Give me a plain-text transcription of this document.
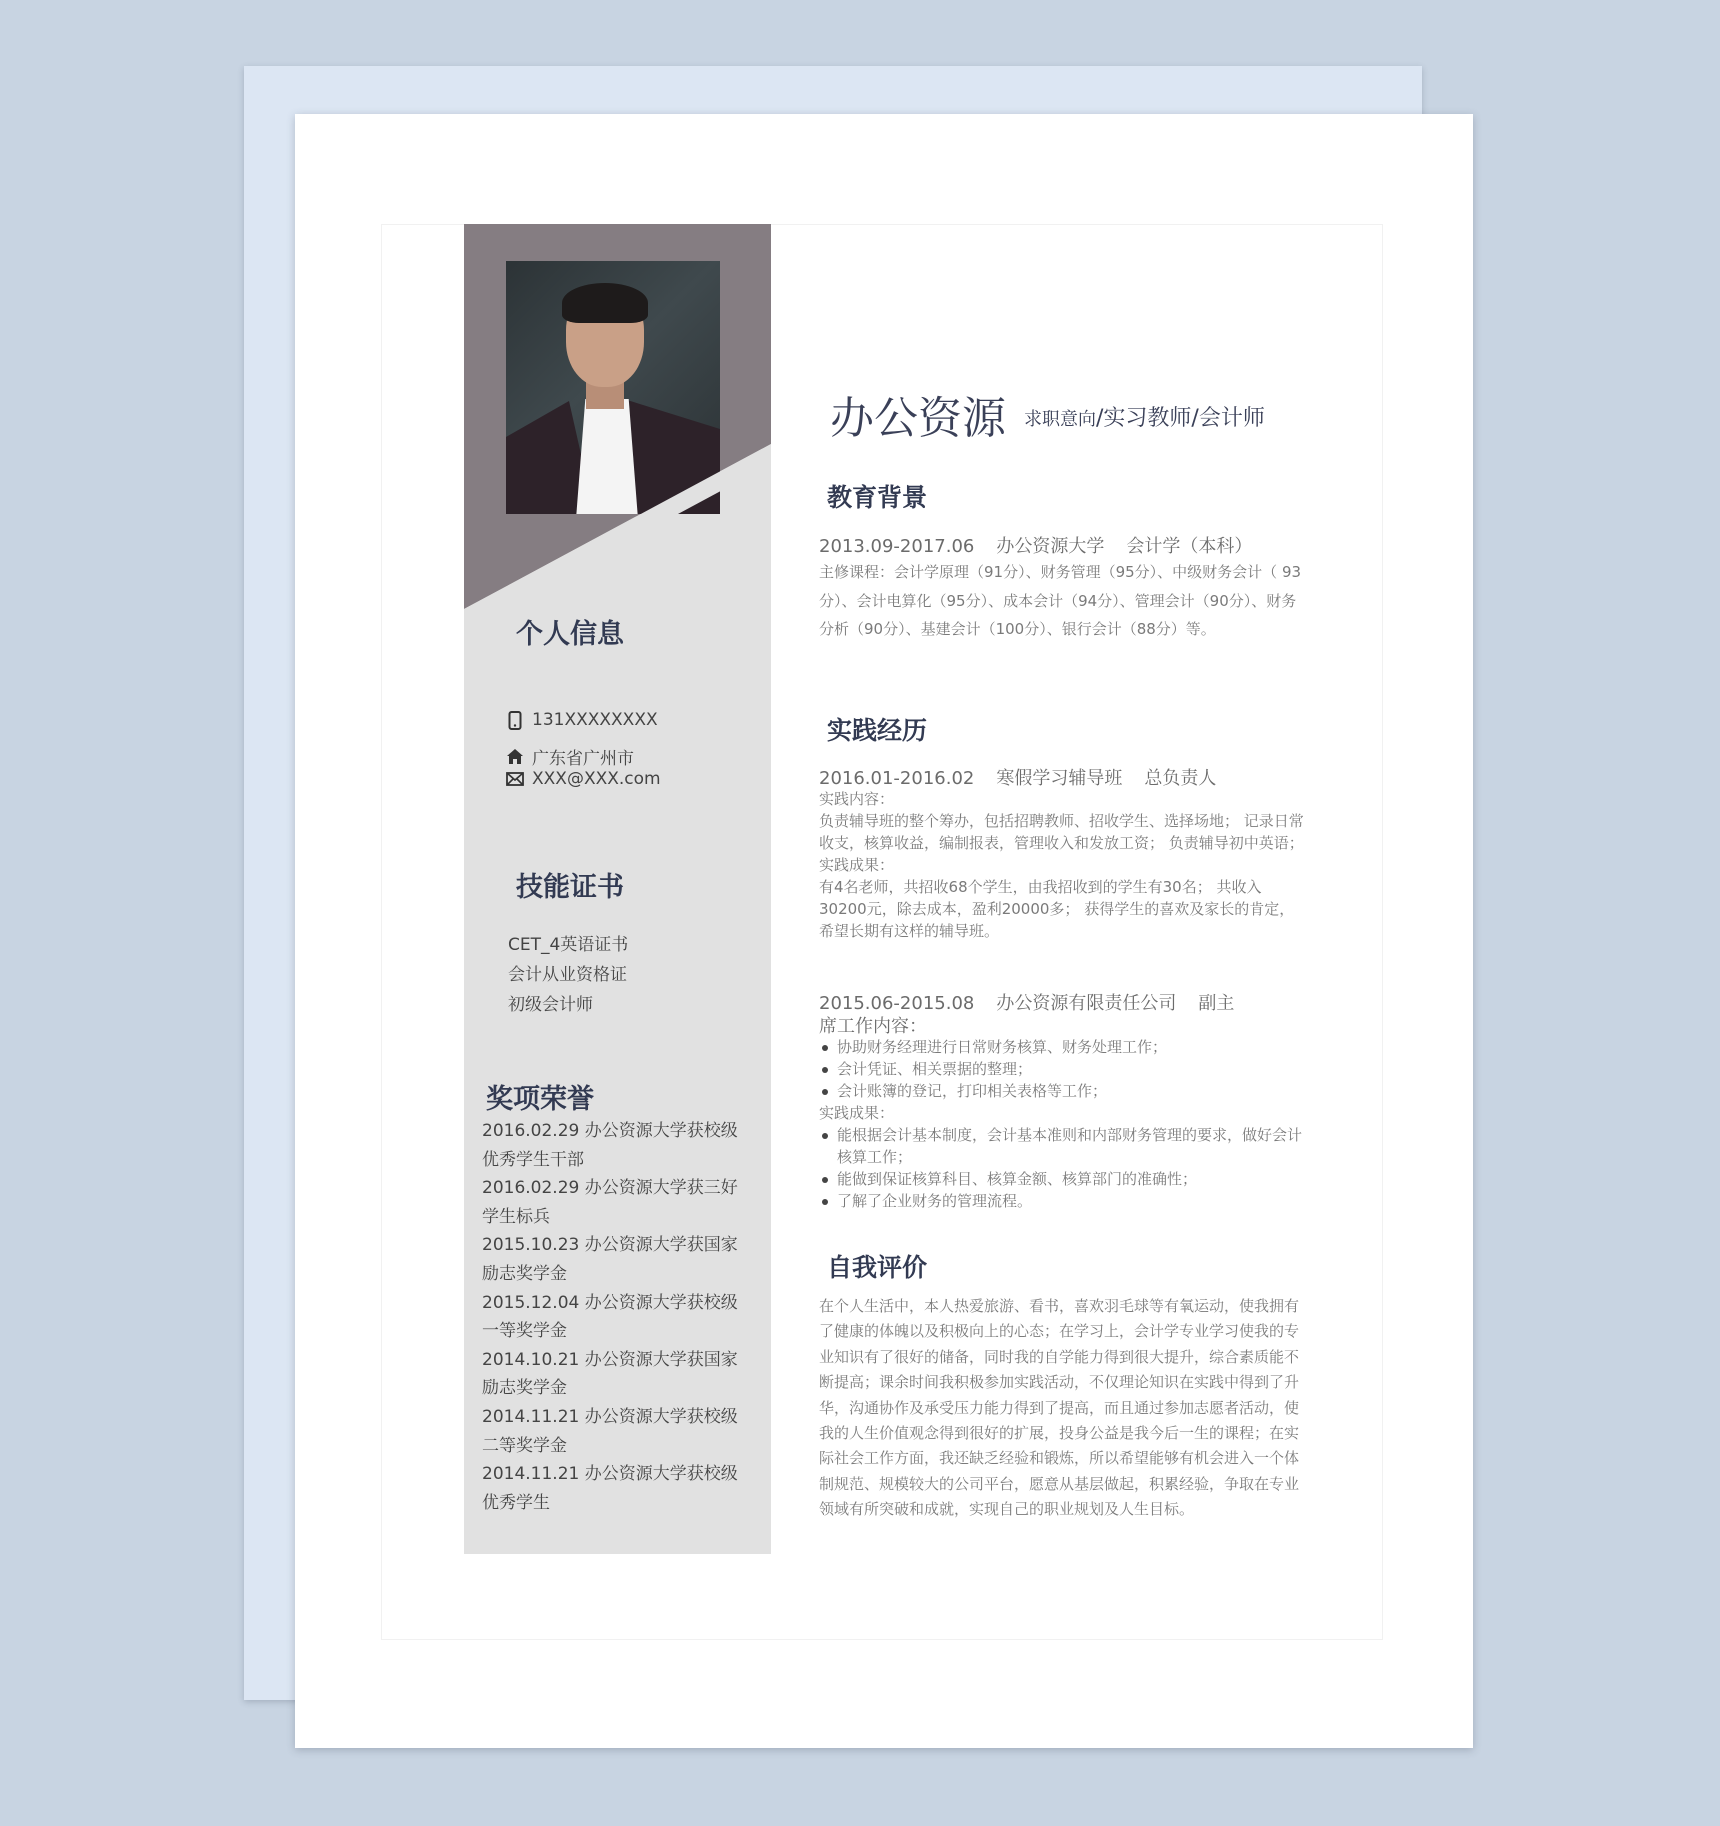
个人信息
131XXXXXXXX
广东省广州市
XXX@XXX.com
技能证书
CET_4英语证书
会计从业资格证
初级会计师
奖项荣誉
2016.02.29 办公资源大学获校级优秀学生干部
2016.02.29 办公资源大学获三好学生标兵
2015.10.23 办公资源大学获国家励志奖学金
2015.12.04 办公资源大学获校级一等奖学金
2014.10.21 办公资源大学获国家励志奖学金
2014.11.21 办公资源大学获校级二等奖学金
2014.11.21 办公资源大学获校级优秀学生
办公资源 求职意向/实习教师/会计师
教育背景
2013.09-2017.06 办公资源大学 会计学（本科）
主修课程：会计学原理（91分）、财务管理（95分）、中级财务会计（ 93分）、会计电算化（95分）、成本会计（94分）、管理会计（90分）、财务分析（90分）、基建会计（100分）、银行会计（88分）等。
实践经历
2016.01-2016.02 寒假学习辅导班 总负责人
实践内容：
负责辅导班的整个筹办，包括招聘教师、招收学生、选择场地； 记录日常收支，核算收益，编制报表，管理收入和发放工资； 负责辅导初中英语；
实践成果：
有4名老师，共招收68个学生，由我招收到的学生有30名； 共收入30200元，除去成本，盈利20000多； 获得学生的喜欢及家长的肯定，希望长期有这样的辅导班。
2015.06-2015.08 办公资源有限责任公司 副主
席工作内容：
协助财务经理进行日常财务核算、财务处理工作；
会计凭证、相关票据的整理；
会计账簿的登记，打印相关表格等工作；
实践成果：
能根据会计基本制度，会计基本准则和内部财务管理的要求，做好会计核算工作；
能做到保证核算科目、核算金额、核算部门的准确性；
了解了企业财务的管理流程。
自我评价
在个人生活中，本人热爱旅游、看书，喜欢羽毛球等有氧运动，使我拥有了健康的体魄以及积极向上的心态；在学习上，会计学专业学习使我的专业知识有了很好的储备，同时我的自学能力得到很大提升，综合素质能不断提高；课余时间我积极参加实践活动，不仅理论知识在实践中得到了升华，沟通协作及承受压力能力得到了提高，而且通过参加志愿者活动，使我的人生价值观念得到很好的扩展，投身公益是我今后一生的课程；在实际社会工作方面，我还缺乏经验和锻炼，所以希望能够有机会进入一个体制规范、规模较大的公司平台，愿意从基层做起，积累经验，争取在专业领域有所突破和成就，实现自己的职业规划及人生目标。
